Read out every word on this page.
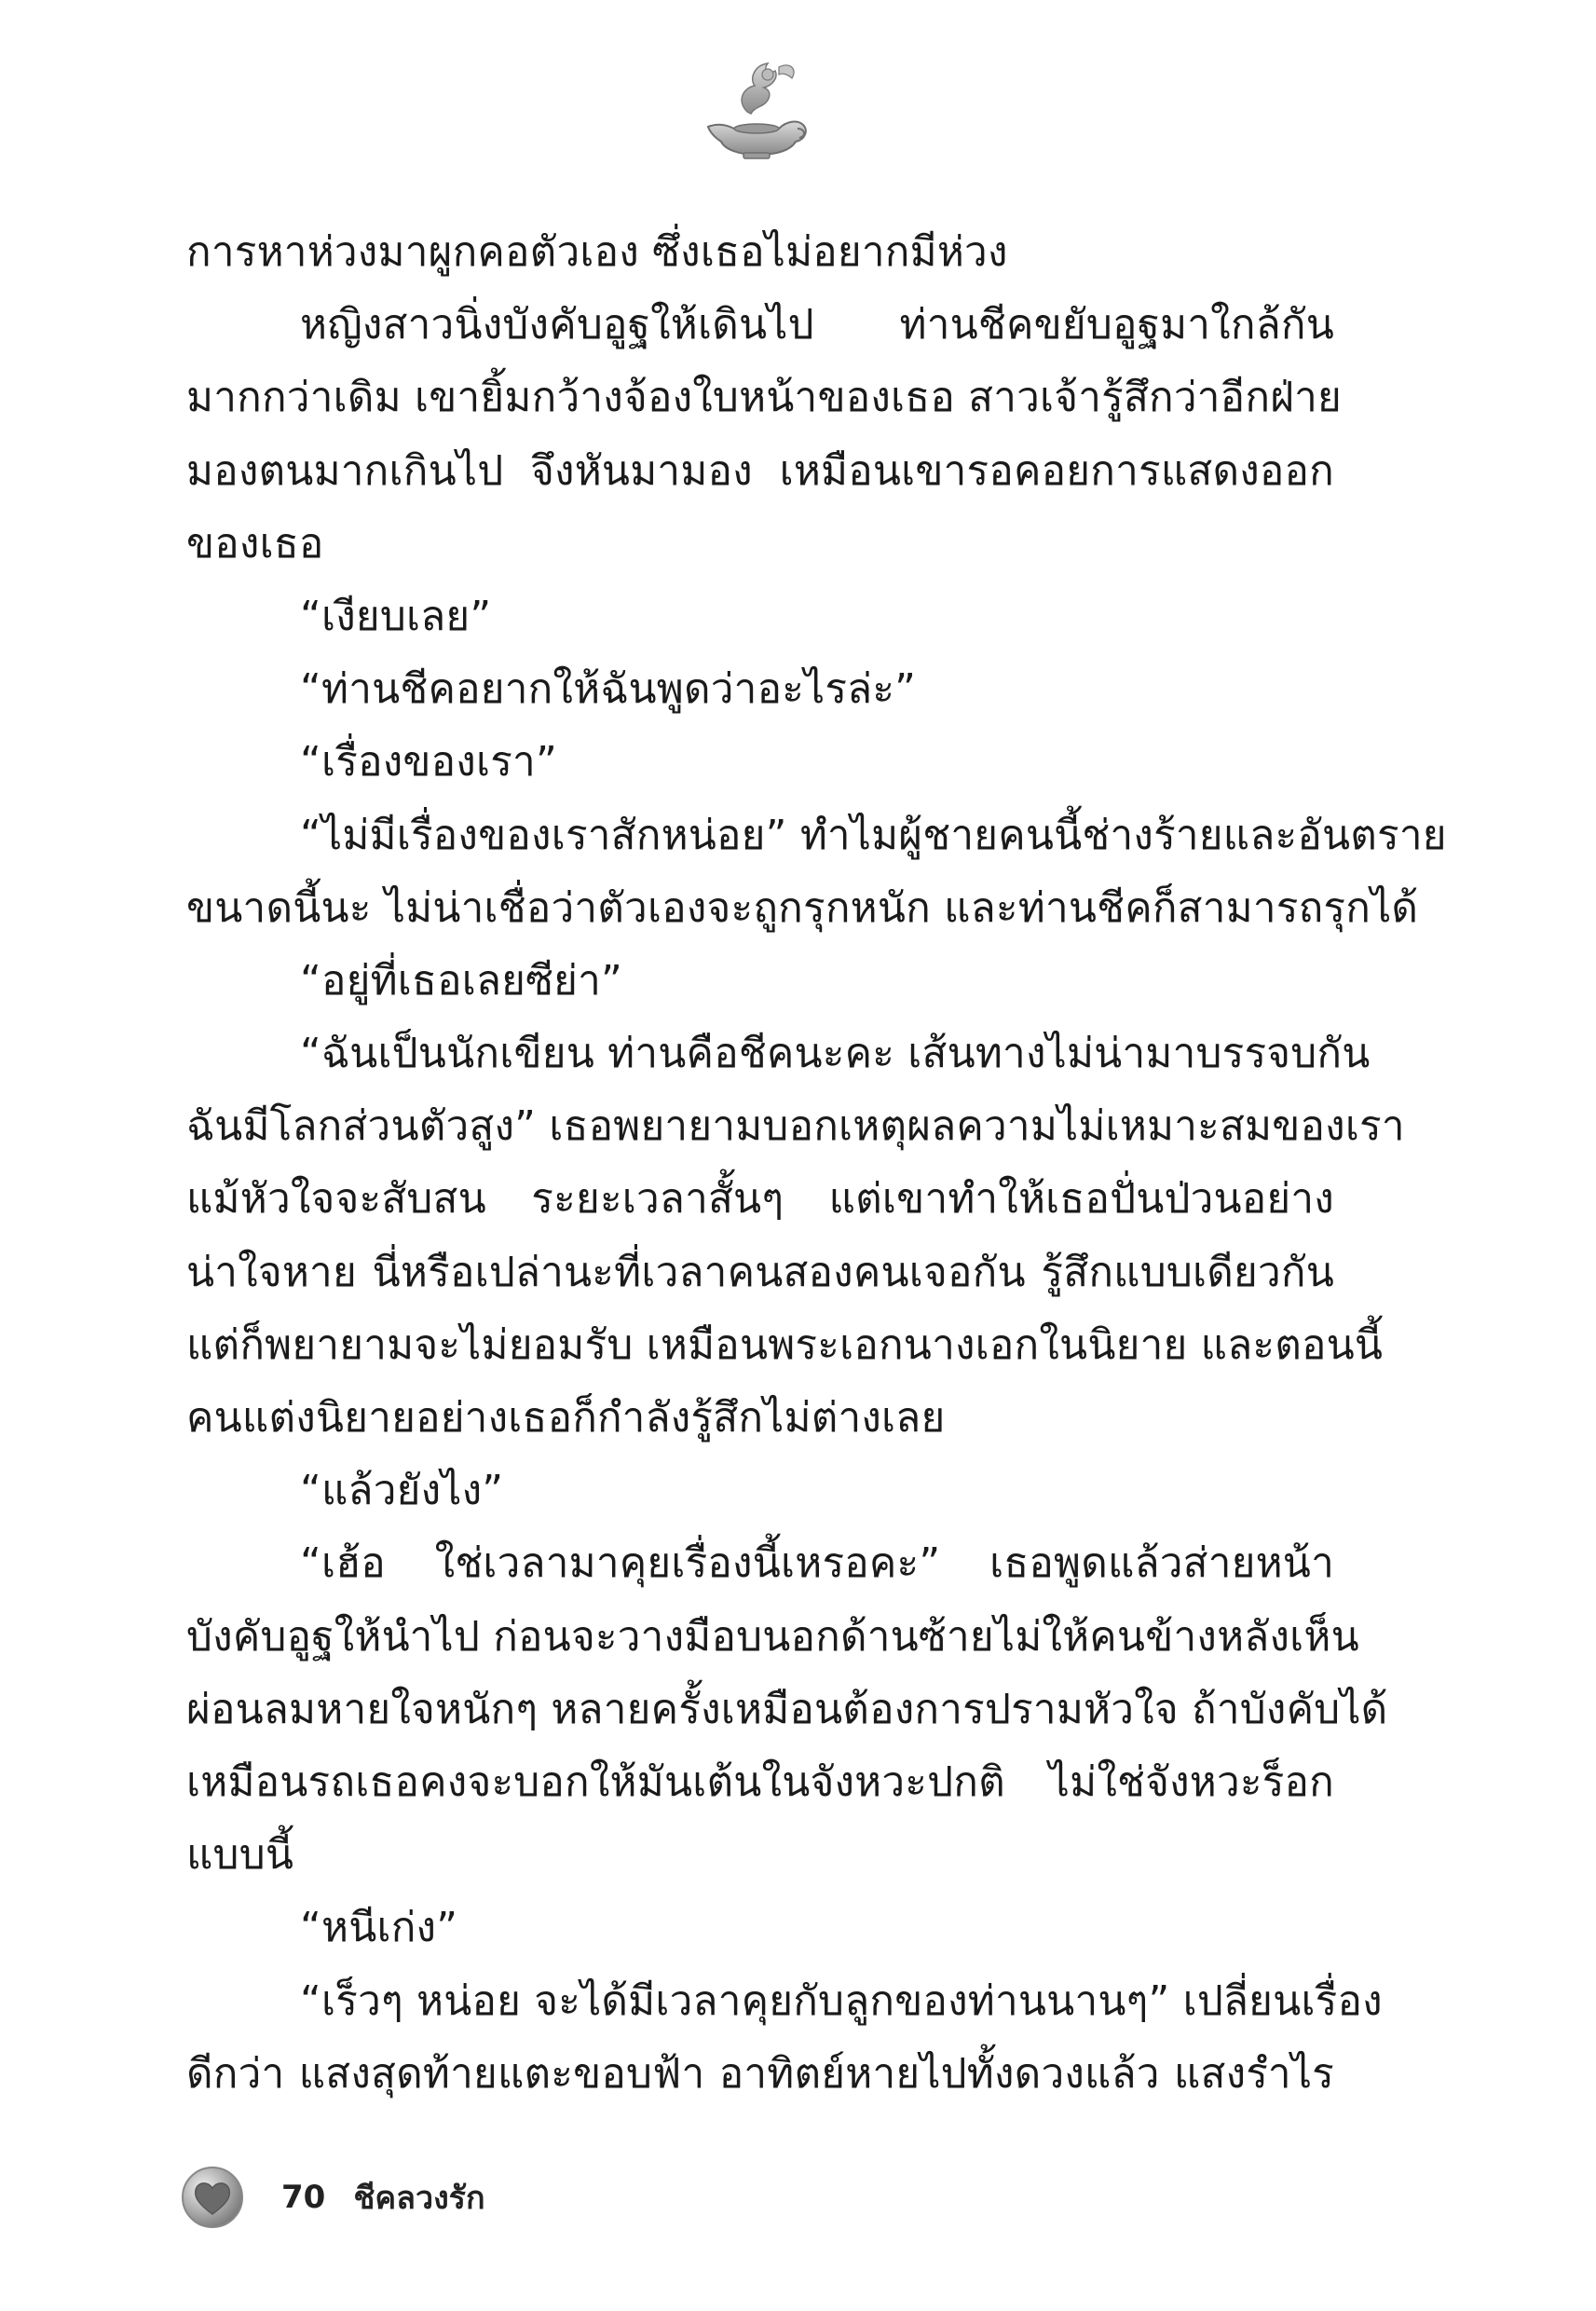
การหาห่วงมาผูกคอตัวเอง ซึ่งเธอไม่อยากมีห่วง
หญิงสาวนิ่งบังคับอูฐให้เดินไป ท่านชีคขยับอูฐมาใกล้กัน
มากกว่าเดิม เขายิ้มกว้างจ้องใบหน้าของเธอ สาวเจ้ารู้สึกว่าอีกฝ่าย
มองตนมากเกินไป จึงหันมามอง เหมือนเขารอคอยการแสดงออก
ของเธอ
“เงียบเลย”
“ท่านชีคอยากให้ฉันพูดว่าอะไรล่ะ”
“เรื่องของเรา”
“ไม่มีเรื่องของเราสักหน่อย” ทำไมผู้ชายคนนี้ช่างร้ายและอันตราย
ขนาดนี้นะ ไม่น่าเชื่อว่าตัวเองจะถูกรุกหนัก และท่านชีคก็สามารถรุกได้
“อยู่ที่เธอเลยซีย่า”
“ฉันเป็นนักเขียน ท่านคือชีคนะคะ เส้นทางไม่น่ามาบรรจบกัน
ฉันมีโลกส่วนตัวสูง” เธอพยายามบอกเหตุผลความไม่เหมาะสมของเรา
แม้หัวใจจะสับสน ระยะเวลาสั้นๆ แต่เขาทำให้เธอปั่นป่วนอย่าง
น่าใจหาย นี่หรือเปล่านะที่เวลาคนสองคนเจอกัน รู้สึกแบบเดียวกัน
แต่ก็พยายามจะไม่ยอมรับ เหมือนพระเอกนางเอกในนิยาย และตอนนี้
คนแต่งนิยายอย่างเธอก็กำลังรู้สึกไม่ต่างเลย
“แล้วยังไง”
“เฮ้อ ใช่เวลามาคุยเรื่องนี้เหรอคะ” เธอพูดแล้วส่ายหน้า
บังคับอูฐให้นำไป ก่อนจะวางมือบนอกด้านซ้ายไม่ให้คนข้างหลังเห็น
ผ่อนลมหายใจหนักๆ หลายครั้งเหมือนต้องการปรามหัวใจ ถ้าบังคับได้
เหมือนรถเธอคงจะบอกให้มันเต้นในจังหวะปกติ ไม่ใช่จังหวะร็อก
แบบนี้
“หนีเก่ง”
“เร็วๆ หน่อย จะได้มีเวลาคุยกับลูกของท่านนานๆ” เปลี่ยนเรื่อง
ดีกว่า แสงสุดท้ายแตะขอบฟ้า อาทิตย์หายไปทั้งดวงแล้ว แสงรำไร
70 ชีคลวงรัก
